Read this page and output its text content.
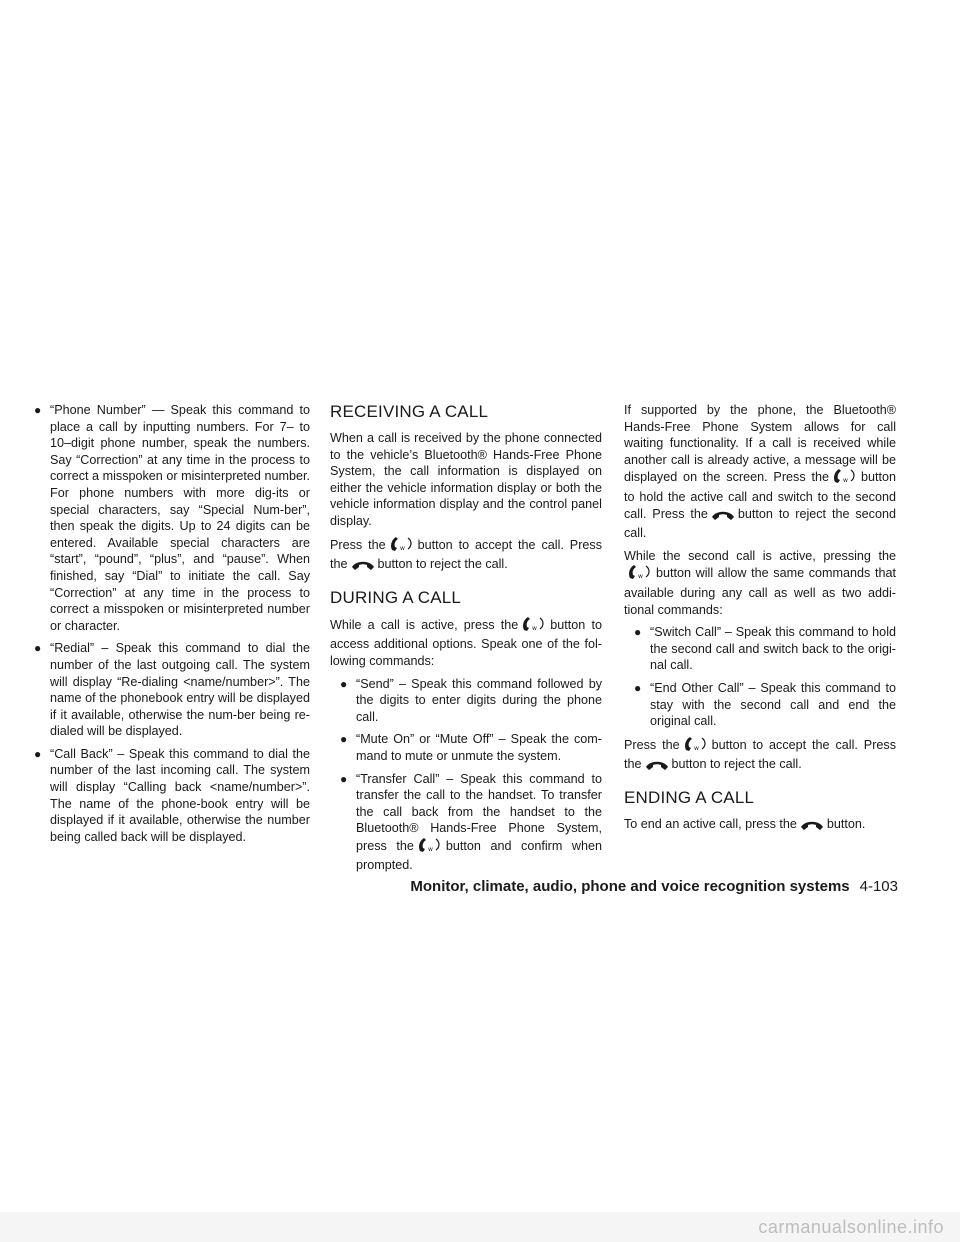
● “Phone Number” — Speak this command to place a call by inputting numbers. For 7– to 10–digit phone number, speak the numbers. Say “Correction” at any time in the process to correct a misspoken or misinterpreted number. For phone numbers with more dig-its or special characters, say “Special Num-ber”, then speak the digits. Up to 24 digits can be entered. Available special characters are “start”, “pound”, “plus”, and “pause”. When finished, say “Dial” to initiate the call. Say “Correction” at any time in the process to correct a misspoken or misinterpreted number or character.
● “Redial” – Speak this command to dial the number of the last outgoing call. The system will display “Re-dialing <name/number>”. The name of the phonebook entry will be displayed if it available, otherwise the num-ber being re-dialed will be displayed.
● “Call Back” – Speak this command to dial the number of the last incoming call. The system will display “Calling back <name/number>”. The name of the phone-book entry will be displayed if it available, otherwise the number being called back will be displayed.
RECEIVING A CALL

When a call is received by the phone connected to the vehicle’s Bluetooth® Hands-Free Phone System, the call information is displayed on either the vehicle information display or both the vehicle information display and the control panel display.

Press the w button to accept the call. Press the button to reject the call.

DURING A CALL

While a call is active, press the w button to access additional options. Speak one of the fol-lowing commands:

● “Send” – Speak this command followed by the digits to enter digits during the phone call.
● “Mute On” or “Mute Off” – Speak the com-mand to mute or unmute the system.
● “Transfer Call” – Speak this command to transfer the call to the handset. To transfer the call back from the handset to the Bluetooth® Hands-Free Phone System, press the w button and confirm when prompted.

If supported by the phone, the Bluetooth® Hands-Free Phone System allows for call waiting functionality. If a call is received while another call is already active, a message will be displayed on the screen. Press the w button to hold the active call and switch to the second call. Press the button to reject the second call.

While the second call is active, pressing the
w button will allow the same commands that available during any call as well as two addi-tional commands:

● “Switch Call” – Speak this command to hold the second call and switch back to the origi-nal call.
● “End Other Call” – Speak this command to stay with the second call and end the original call.

Press the w button to accept the call. Press the button to reject the call.

ENDING A CALL

To end an active call, press the button.

Monitor, climate, audio, phone and voice recognition systems 4-103
carmanualsonline.info
